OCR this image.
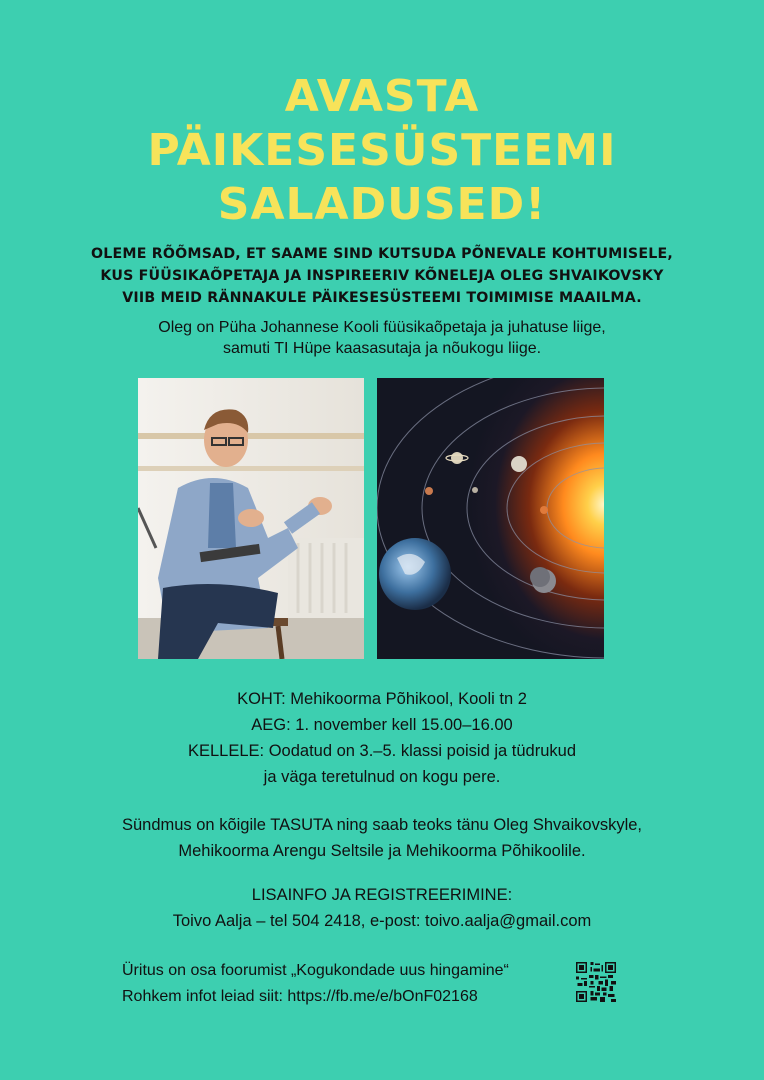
AVASTA
PÄIKESESÜSTEEMI
SALADUSED!
OLEME RÕÕMSAD, ET SAAME SIND KUTSUDA PÕNEVALE KOHTUMISELE,
KUS FÜÜSIKAÕPETAJA JA INSPIREERIV KÕNELEJA OLEG SHVAIKOVSKY
VIIB MEID RÄNNAKULE PÄIKESESÜSTEEMI TOIMIMISE MAAILMA.
Oleg on Püha Johannese Kooli füüsikaõpetaja ja juhatuse liige,
samuti TI Hüpe kaasasutaja ja nõukogu liige.
KOHT: Mehikoorma Põhikool, Kooli tn 2
AEG: 1. november kell 15.00–16.00
KELLELE: Oodatud on 3.–5. klassi poisid ja tüdrukud
ja väga teretulnud on kogu pere.
Sündmus on kõigile TASUTA ning saab teoks tänu Oleg Shvaikovskyle,
Mehikoorma Arengu Seltsile ja Mehikoorma Põhikoolile.
LISAINFO JA REGISTREERIMINE:
Toivo Aalja – tel 504 2418, e-post: toivo.aalja@gmail.com
Üritus on osa foorumist „Kogukondade uus hingamine“
Rohkem infot leiad siit: https://fb.me/e/bOnF02168
